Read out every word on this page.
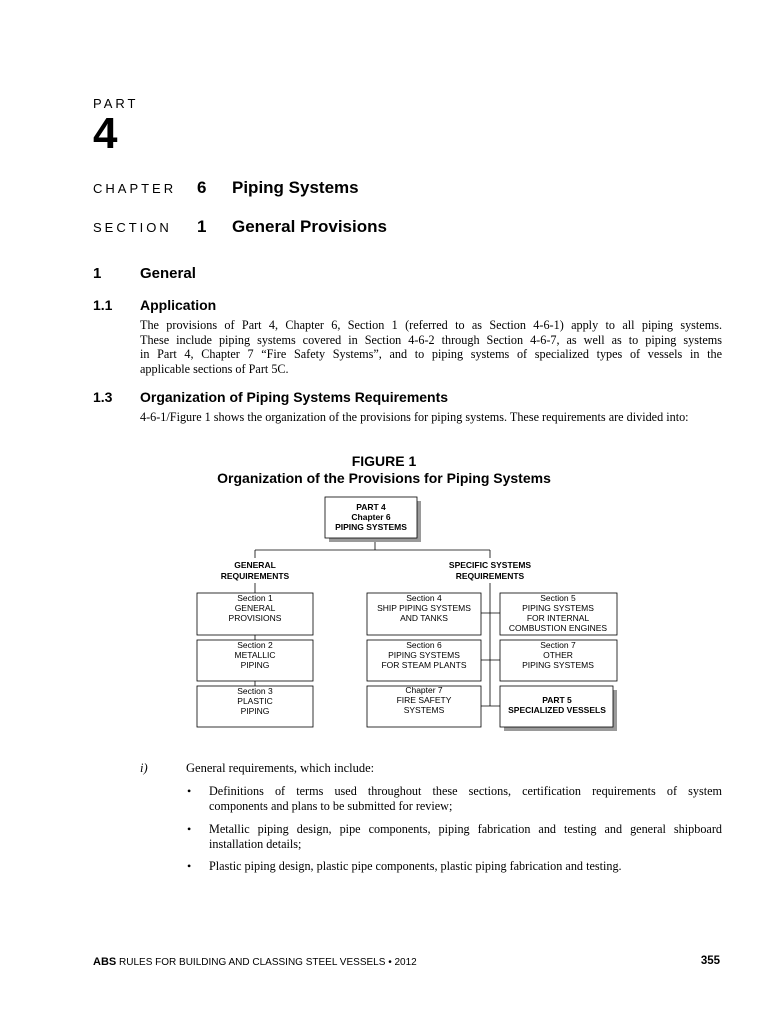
PART
4
CHAPTER 6 Piping Systems
SECTION 1 General Provisions
1	General
1.1 Application
The provisions of Part 4, Chapter 6, Section 1 (referred to as Section 4-6-1) apply to all piping systems.
These include piping systems covered in Section 4-6-2 through Section 4-6-7, as well as to piping systems
in Part 4, Chapter 7 “Fire Safety Systems”, and to piping systems of specialized types of vessels in the
applicable sections of Part 5C.
1.3 Organization of Piping Systems Requirements
4-6-1/Figure 1 shows the organization of the provisions for piping systems. These requirements are divided into:
FIGURE 1
Organization of the Provisions for Piping Systems
PART 4
Chapter 6
PIPING SYSTEMS
GENERAL
REQUIREMENTS
SPECIFIC SYSTEMS
REQUIREMENTS
Section 1
GENERAL
PROVISIONS
Section 2
METALLIC
PIPING
Section 3
PLASTIC
PIPING
Section 4
SHIP PIPING SYSTEMS
AND TANKS
Section 6
PIPING SYSTEMS
FOR STEAM PLANTS
Chapter 7
FIRE SAFETY
SYSTEMS
Section 5
PIPING SYSTEMS
FOR INTERNAL
COMBUSTION ENGINES
Section 7
OTHER
PIPING SYSTEMS
PART 5
SPECIALIZED VESSELS
i)	General requirements, which include:
• Definitions of terms used throughout these sections, certification requirements of system
components and plans to be submitted for review;
• Metallic piping design, pipe components, piping fabrication and testing and general shipboard
installation details;
• Plastic piping design, plastic pipe components, plastic piping fabrication and testing.
ABS RULES FOR BUILDING AND CLASSING STEEL VESSELS • 2012	355
